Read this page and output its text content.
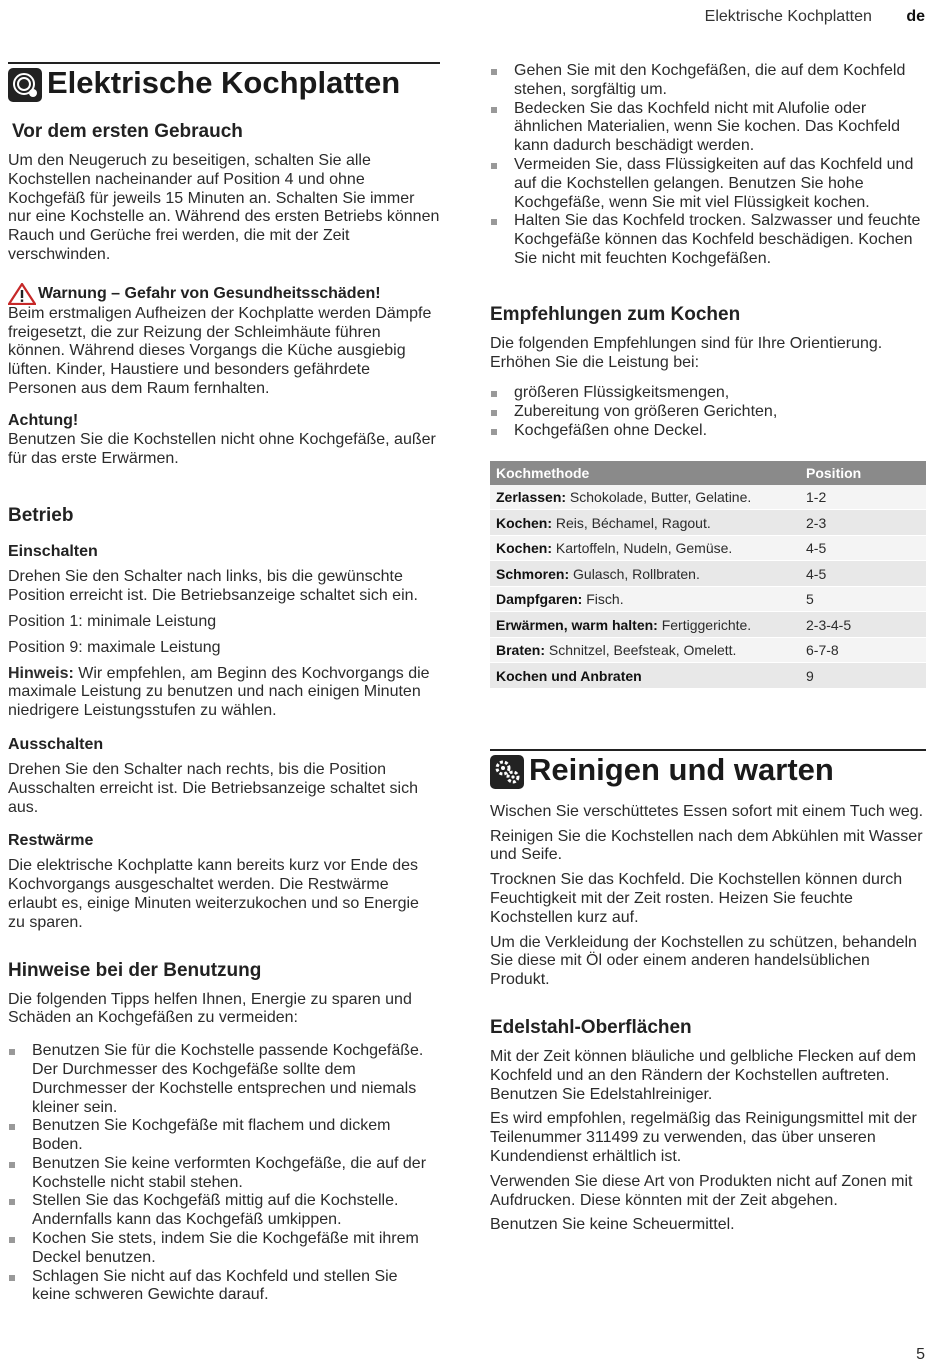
Elektrische Kochplatten de
Elektrische Kochplatten
Vor dem ersten Gebrauch

Um den Neugeruch zu beseitigen, schalten Sie alle Kochstellen nacheinander auf Position 4 und ohne Kochgefäß für jeweils 15 Minuten an. Schalten Sie immer nur eine Kochstelle an. Während des ersten Betriebs können Rauch und Gerüche frei werden, die mit der Zeit verschwinden.

Warnung – Gefahr von Gesundheitsschäden!

Beim erstmaligen Aufheizen der Kochplatte werden Dämpfe freigesetzt, die zur Reizung der Schleimhäute führen können. Während dieses Vorgangs die Küche ausgiebig lüften. Kinder, Haustiere und besonders gefährdete Personen aus dem Raum fernhalten.

Achtung!

Benutzen Sie die Kochstellen nicht ohne Kochgefäße, außer für das erste Erwärmen.

Betrieb
Einschalten

Drehen Sie den Schalter nach links, bis die gewünschte Position erreicht ist. Die Betriebsanzeige schaltet sich ein.

Position 1: minimale Leistung

Position 9: maximale Leistung

Hinweis: Wir empfehlen, am Beginn des Kochvorgangs die maximale Leistung zu benutzen und nach einigen Minuten niedrigere Leistungsstufen zu wählen.

Ausschalten

Drehen Sie den Schalter nach rechts, bis die Position Ausschalten erreicht ist. Die Betriebsanzeige schaltet sich aus.

Restwärme

Die elektrische Kochplatte kann bereits kurz vor Ende des Kochvorgangs ausgeschaltet werden. Die Restwärme erlaubt es, einige Minuten weiterzukochen und so Energie zu sparen.

Hinweise bei der Benutzung

Die folgenden Tipps helfen Ihnen, Energie zu sparen und Schäden an Kochgefäßen zu vermeiden:

Benutzen Sie für die Kochstelle passende Kochgefäße. Der Durchmesser des Kochgefäße sollte dem Durchmesser der Kochstelle entsprechen und niemals kleiner sein.
Benutzen Sie Kochgefäße mit flachem und dickem Boden.
Benutzen Sie keine verformten Kochgefäße, die auf der Kochstelle nicht stabil stehen.
Stellen Sie das Kochgefäß mittig auf die Kochstelle. Andernfalls kann das Kochgefäß umkippen.
Kochen Sie stets, indem Sie die Kochgefäße mit ihrem Deckel benutzen.
Schlagen Sie nicht auf das Kochfeld und stellen Sie keine schweren Gewichte darauf.
Gehen Sie mit den Kochgefäßen, die auf dem Kochfeld stehen, sorgfältig um.
Bedecken Sie das Kochfeld nicht mit Alufolie oder ähnlichen Materialien, wenn Sie kochen. Das Kochfeld kann dadurch beschädigt werden.
Vermeiden Sie, dass Flüssigkeiten auf das Kochfeld und auf die Kochstellen gelangen. Benutzen Sie hohe Kochgefäße, wenn Sie mit viel Flüssigkeit kochen.
Halten Sie das Kochfeld trocken. Salzwasser und feuchte Kochgefäße können das Kochfeld beschädigen. Kochen Sie nicht mit feuchten Kochgefäßen.
Empfehlungen zum Kochen

Die folgenden Empfehlungen sind für Ihre Orientierung. Erhöhen Sie die Leistung bei:

größeren Flüssigkeitsmengen,
Zubereitung von größeren Gerichten,
Kochgefäßen ohne Deckel.
Kochmethode	Position
Zerlassen: Schokolade, Butter, Gelatine.	1-2
Kochen: Reis, Béchamel, Ragout.	2-3
Kochen: Kartoffeln, Nudeln, Gemüse.	4-5
Schmoren: Gulasch, Rollbraten.	4-5
Dampfgaren: Fisch.	5
Erwärmen, warm halten: Fertiggerichte.	2-3-4-5
Braten: Schnitzel, Beefsteak, Omelett.	6-7-8
Kochen und Anbraten	9
Reinigen und warten

Wischen Sie verschüttetes Essen sofort mit einem Tuch weg.

Reinigen Sie die Kochstellen nach dem Abkühlen mit Wasser und Seife.

Trocknen Sie das Kochfeld. Die Kochstellen können durch Feuchtigkeit mit der Zeit rosten. Heizen Sie feuchte Kochstellen kurz auf.

Um die Verkleidung der Kochstellen zu schützen, behandeln Sie diese mit Öl oder einem anderen handelsüblichen Produkt.

Edelstahl-Oberflächen

Mit der Zeit können bläuliche und gelbliche Flecken auf dem Kochfeld und an den Rändern der Kochstellen auftreten. Benutzen Sie Edelstahlreiniger.

Es wird empfohlen, regelmäßig das Reinigungsmittel mit der Teilenummer 311499 zu verwenden, das über unseren Kundendienst erhältlich ist.

Verwenden Sie diese Art von Produkten nicht auf Zonen mit Aufdrucken. Diese könnten mit der Zeit abgehen.

Benutzen Sie keine Scheuermittel.

5
